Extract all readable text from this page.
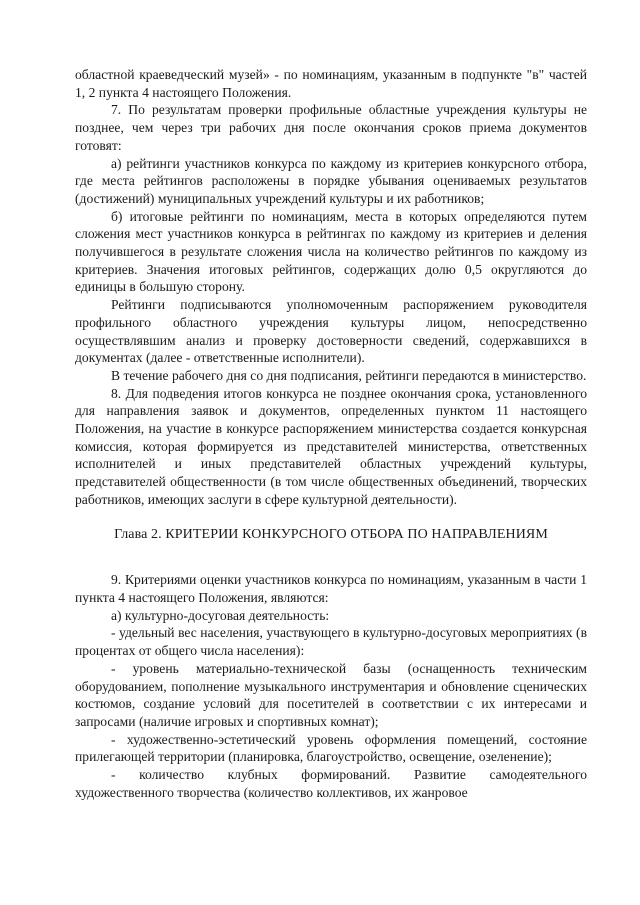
областной краеведческий музей» - по номинациям, указанным в подпункте "в" частей 1, 2 пункта 4 настоящего Положения.

7. По результатам проверки профильные областные учреждения культуры не позднее, чем через три рабочих дня после окончания сроков приема документов готовят:

а) рейтинги участников конкурса по каждому из критериев конкурсного отбора, где места рейтингов расположены в порядке убывания оцениваемых результатов (достижений) муниципальных учреждений культуры и их работников;

б) итоговые рейтинги по номинациям, места в которых определяются путем сложения мест участников конкурса в рейтингах по каждому из критериев и деления получившегося в результате сложения числа на количество рейтингов по каждому из критериев. Значения итоговых рейтингов, содержащих долю 0,5 округляются до единицы в большую сторону.

Рейтинги подписываются уполномоченным распоряжением руководителя профильного областного учреждения культуры лицом, непосредственно осуществлявшим анализ и проверку достоверности сведений, содержавшихся в документах (далее - ответственные исполнители).

В течение рабочего дня со дня подписания, рейтинги передаются в министерство.

8. Для подведения итогов конкурса не позднее окончания срока, установленного для направления заявок и документов, определенных пунктом 11 настоящего Положения, на участие в конкурсе распоряжением министерства создается конкурсная комиссия, которая формируется из представителей министерства, ответственных исполнителей и иных представителей областных учреждений культуры, представителей общественности (в том числе общественных объединений, творческих работников, имеющих заслуги в сфере культурной деятельности).

Глава 2. КРИТЕРИИ КОНКУРСНОГО ОТБОРА ПО НАПРАВЛЕНИЯМ

9. Критериями оценки участников конкурса по номинациям, указанным в части 1 пункта 4 настоящего Положения, являются:

а) культурно-досуговая деятельность:

- удельный вес населения, участвующего в культурно-досуговых мероприятиях (в процентах от общего числа населения):

- уровень материально-технической базы (оснащенность техническим оборудованием, пополнение музыкального инструментария и обновление сценических костюмов, создание условий для посетителей в соответствии с их интересами и запросами (наличие игровых и спортивных комнат);

- художественно-эстетический уровень оформления помещений, состояние прилегающей территории (планировка, благоустройство, освещение, озеленение);

- количество клубных формирований. Развитие самодеятельного художественного творчества (количество коллективов, их жанровое
